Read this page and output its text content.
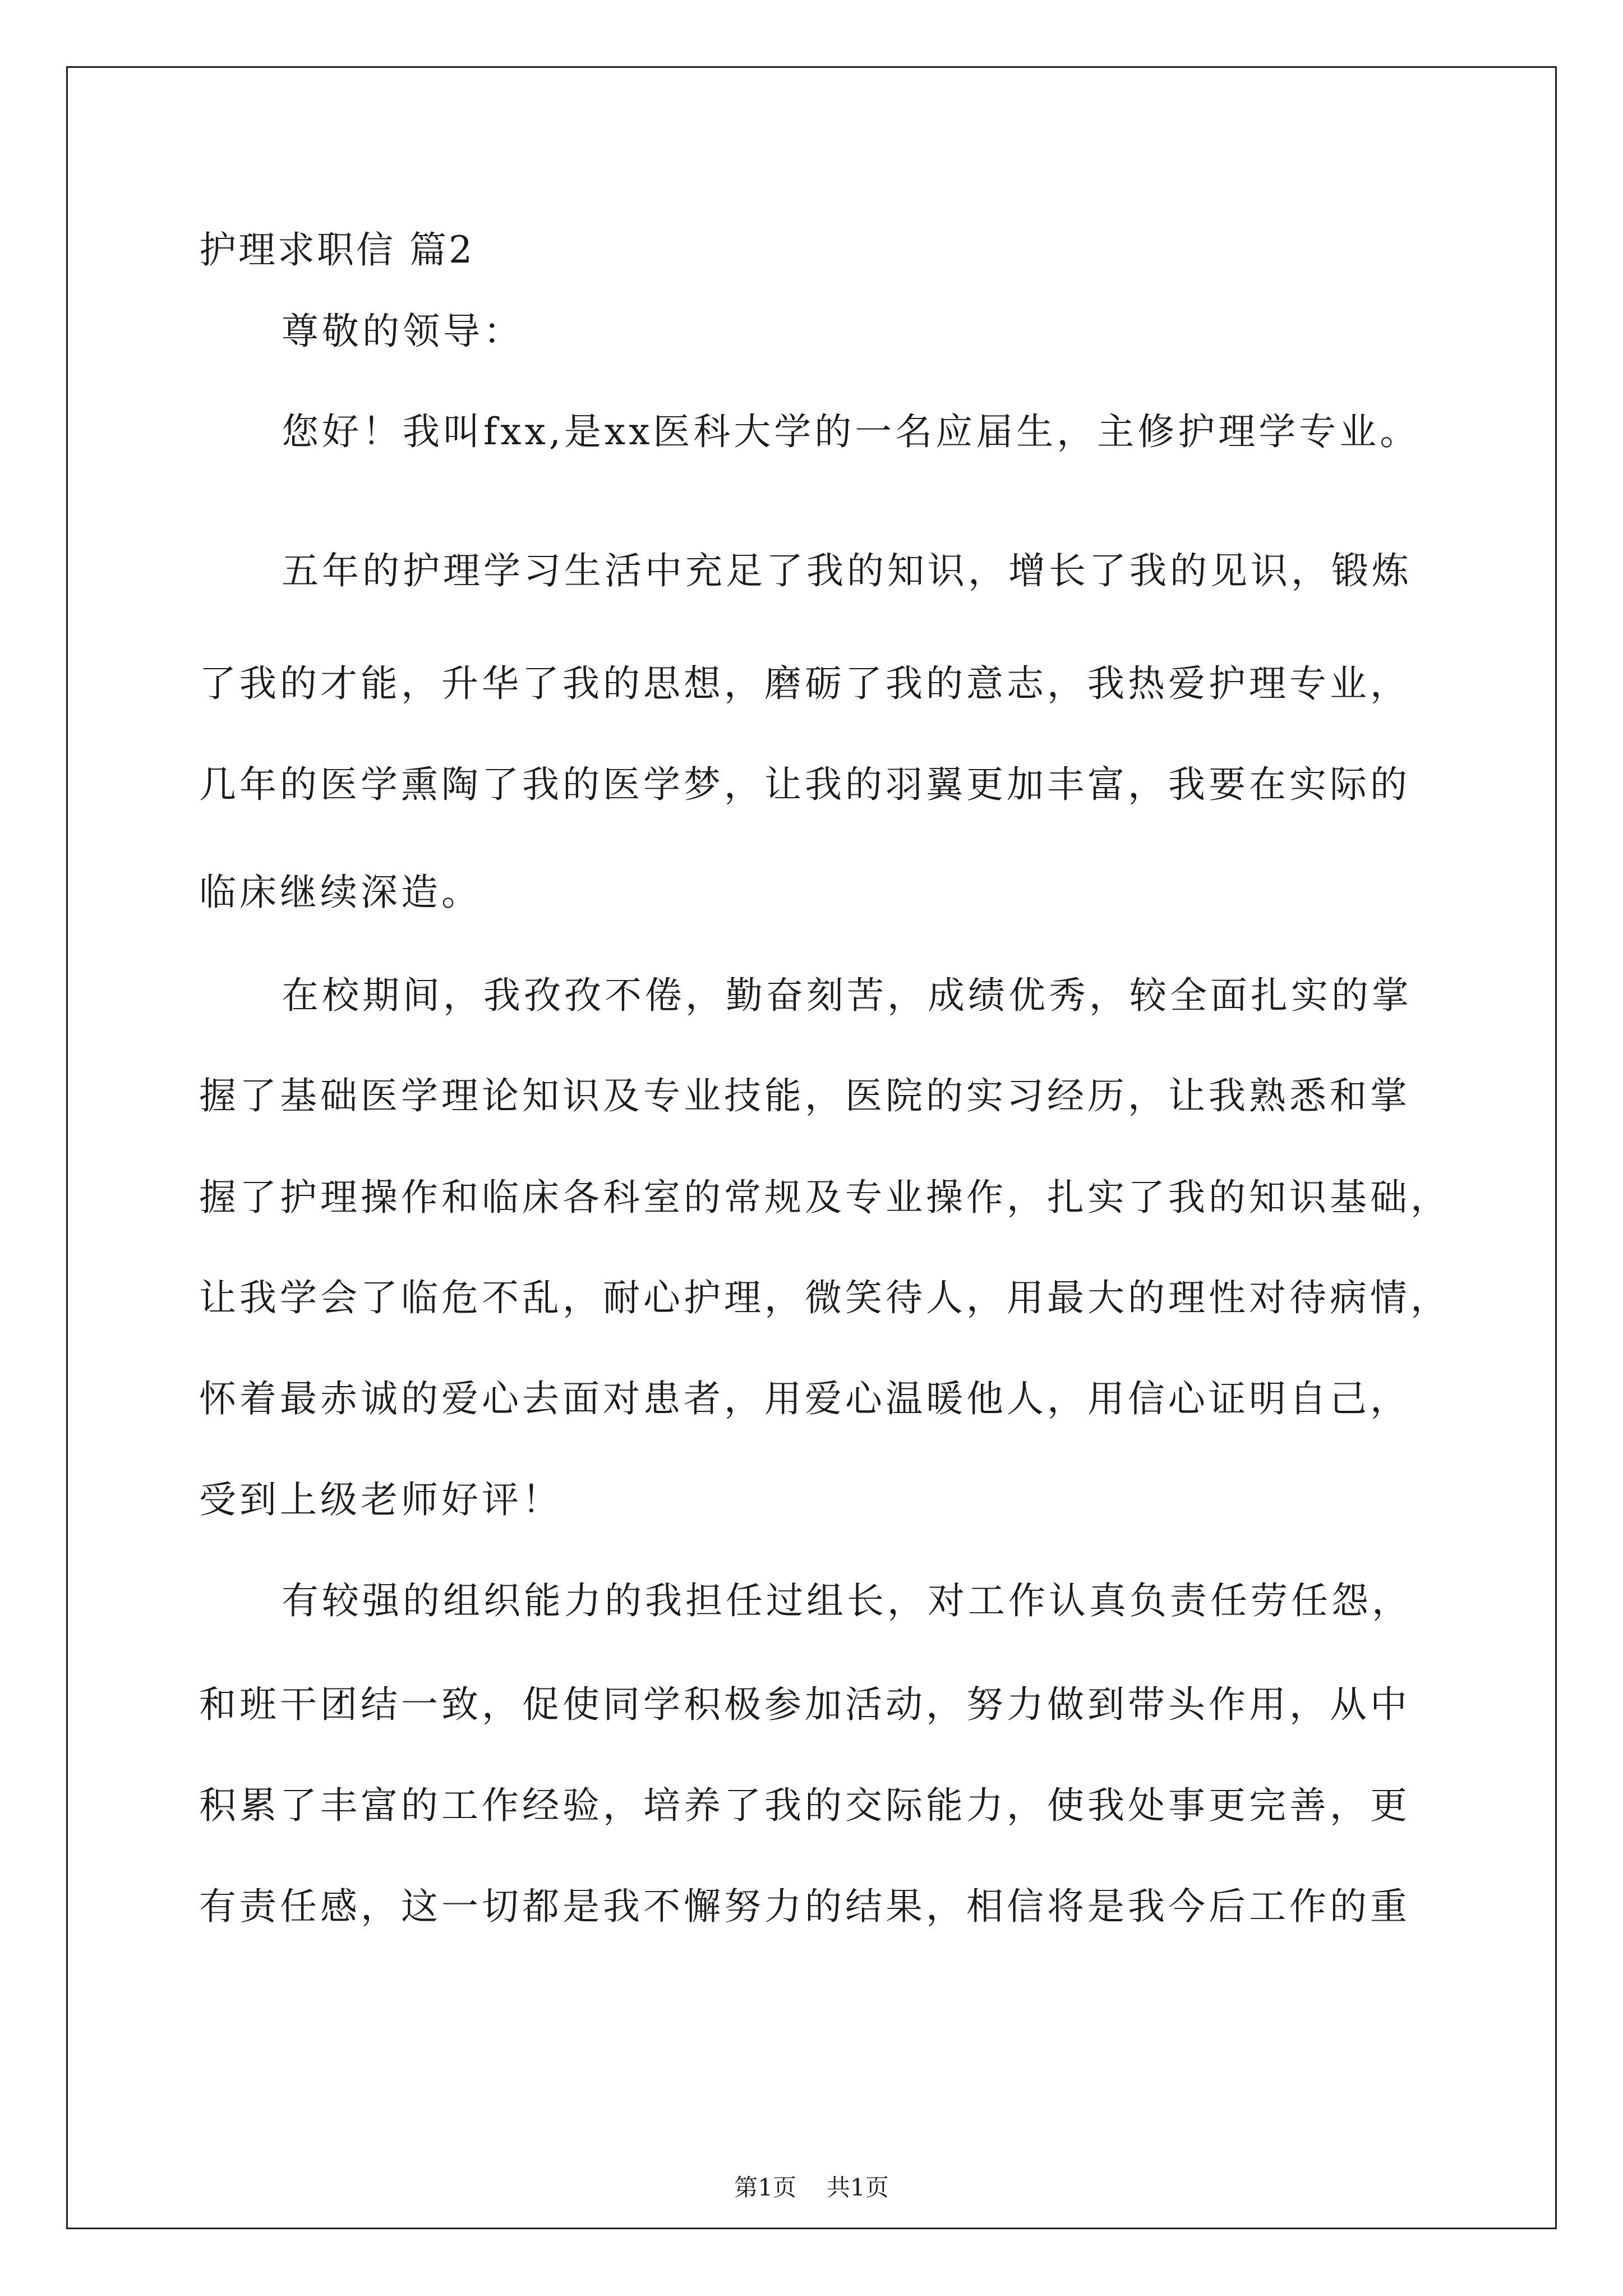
护理求职信 篇2

尊敬的领导：

您好！我叫fxx,是xx医科大学的一名应届生，主修护理学专业。

五年的护理学习生活中充足了我的知识，增长了我的见识，锻炼

了我的才能，升华了我的思想，磨砺了我的意志，我热爱护理专业，

几年的医学熏陶了我的医学梦，让我的羽翼更加丰富，我要在实际的

临床继续深造。

在校期间，我孜孜不倦，勤奋刻苦，成绩优秀，较全面扎实的掌

握了基础医学理论知识及专业技能，医院的实习经历，让我熟悉和掌

握了护理操作和临床各科室的常规及专业操作，扎实了我的知识基础，

让我学会了临危不乱，耐心护理，微笑待人，用最大的理性对待病情，

怀着最赤诚的爱心去面对患者，用爱心温暖他人，用信心证明自己，

受到上级老师好评！

有较强的组织能力的我担任过组长，对工作认真负责任劳任怨，

和班干团结一致，促使同学积极参加活动，努力做到带头作用，从中

积累了丰富的工作经验，培养了我的交际能力，使我处事更完善，更

有责任感，这一切都是我不懈努力的结果，相信将是我今后工作的重

第1页 共1页
